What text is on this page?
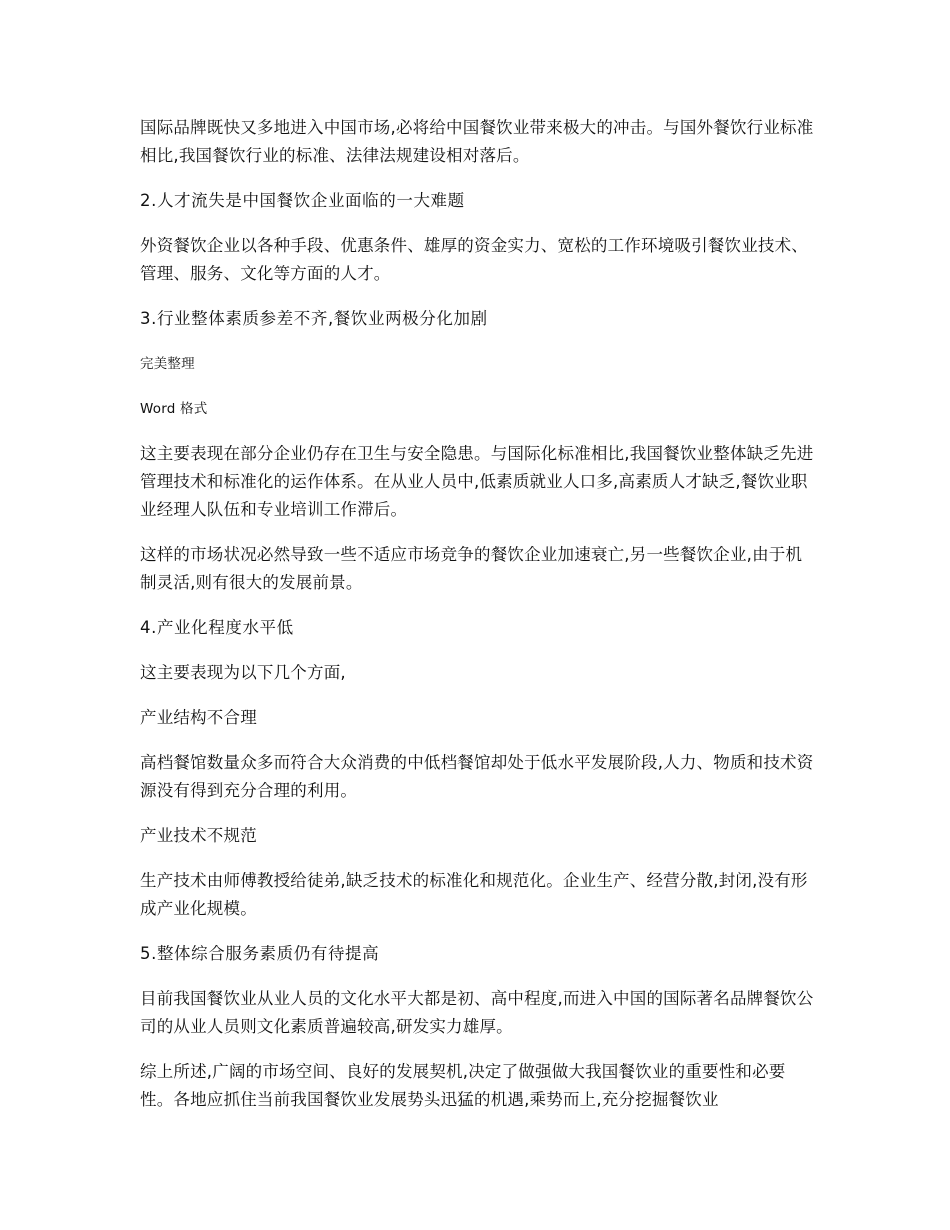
国际品牌既快又多地进入中国市场,必将给中国餐饮业带来极大的冲击。与国外餐饮行业标准相比,我国餐饮行业的标准、法律法规建设相对落后。

2.人才流失是中国餐饮企业面临的一大难题

外资餐饮企业以各种手段、优惠条件、雄厚的资金实力、宽松的工作环境吸引餐饮业技术、管理、服务、文化等方面的人才。

3.行业整体素质参差不齐,餐饮业两极分化加剧

完美整理

Word 格式

这主要表现在部分企业仍存在卫生与安全隐患。与国际化标准相比,我国餐饮业整体缺乏先进管理技术和标准化的运作体系。在从业人员中,低素质就业人口多,高素质人才缺乏,餐饮业职业经理人队伍和专业培训工作滞后。

这样的市场状况必然导致一些不适应市场竞争的餐饮企业加速衰亡,另一些餐饮企业,由于机制灵活,则有很大的发展前景。

4.产业化程度水平低

这主要表现为以下几个方面,

产业结构不合理

高档餐馆数量众多而符合大众消费的中低档餐馆却处于低水平发展阶段,人力、物质和技术资源没有得到充分合理的利用。

产业技术不规范

生产技术由师傅教授给徒弟,缺乏技术的标准化和规范化。企业生产、经营分散,封闭,没有形成产业化规模。

5.整体综合服务素质仍有待提高

目前我国餐饮业从业人员的文化水平大都是初、高中程度,而进入中国的国际著名品牌餐饮公司的从业人员则文化素质普遍较高,研发实力雄厚。

综上所述,广阔的市场空间、良好的发展契机,决定了做强做大我国餐饮业的重要性和必要性。各地应抓住当前我国餐饮业发展势头迅猛的机遇,乘势而上,充分挖掘餐饮业
